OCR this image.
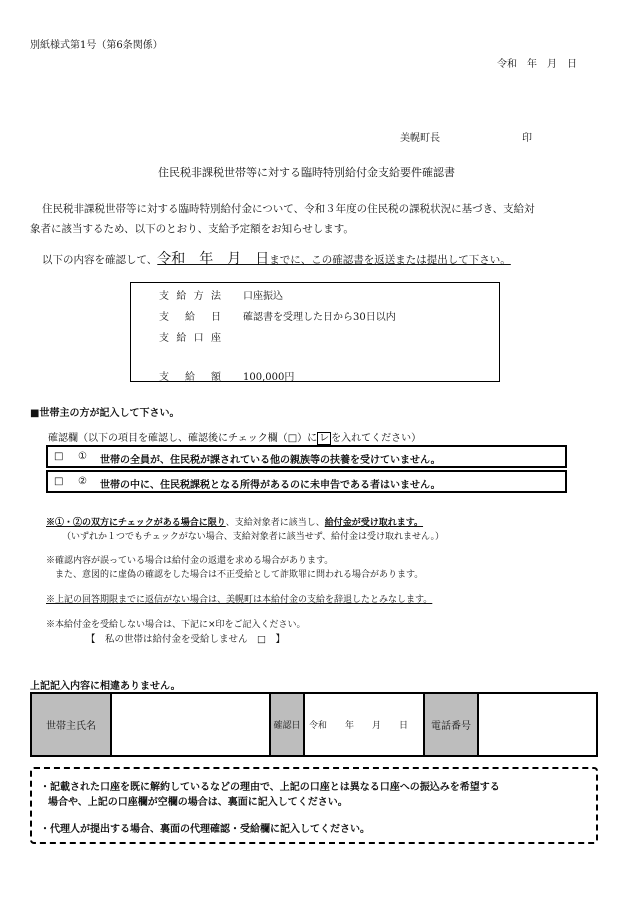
別紙様式第1号（第6条関係）
令和　年　月　日
美幌町長	印
住民税非課税世帯等に対する臨時特別給付金支給要件確認書
住民税非課税世帯等に対する臨時特別給付金について、令和３年度の住民税の課税状況に基づき、支給対
象者に該当するため、以下のとおり、支給予定額をお知らせします。
以下の内容を確認して、令和　年　月　日までに、この確認書を返送または提出して下さい。
支給方法 口座振込
支給日 確認書を受理した日から30日以内
支給口座
支給額 100,000円
■世帯主の方が記入して下さい。
確認欄（以下の項目を確認し、確認後にチェック欄（□）に レ を入れてください）
□ ① 世帯の全員が、住民税が課されている他の親族等の扶養を受けていません。
□ ② 世帯の中に、住民税課税となる所得があるのに未申告である者はいません。
※①・②の双方にチェックがある場合に限り、支給対象者に該当し、給付金が受け取れます。
（いずれか１つでもチェックがない場合、支給対象者に該当せず、給付金は受け取れません。）
※確認内容が誤っている場合は給付金の返還を求める場合があります。
また、意図的に虚偽の確認をした場合は不正受給として詐欺罪に問われる場合があります。
※上記の回答期限までに返信がない場合は、美幌町は本給付金の支給を辞退したとみなします。
※本給付金を受給しない場合は、下記に×印をご記入ください。
【　私の世帯は給付金を受給しません　□　】
上記記入内容に相違ありません。
世帯主氏名		確認日	令和　　年　　月　　日	電話番号	
・記載された口座を既に解約しているなどの理由で、上記の口座とは異なる口座への振込みを希望する
場合や、上記の口座欄が空欄の場合は、裏面に記入してください。
・代理人が提出する場合、裏面の代理確認・受給欄に記入してください。
